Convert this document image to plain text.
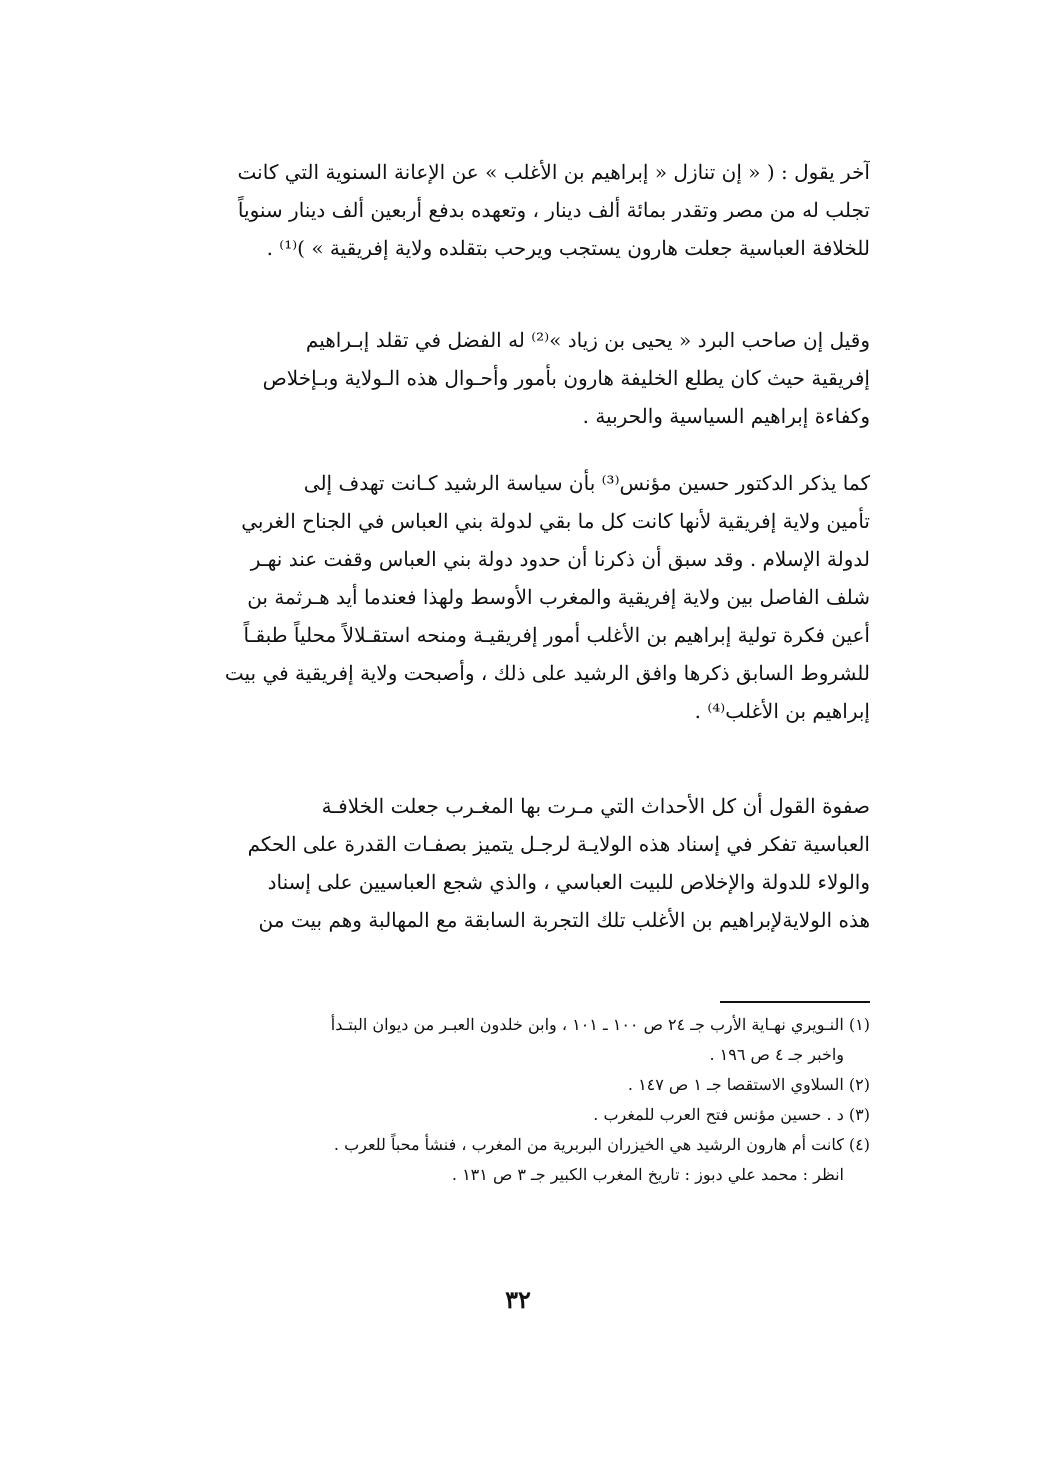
آخر يقول : ( « إن تنازل « إبراهيم بن الأغلب » عن الإعانة السنوية التي كانت
تجلب له من مصر وتقدر بمائة ألف دينار ، وتعهده بدفع أربعين ألف دينار سنوياً
للخلافة العباسية جعلت هارون يستجب ويرحب بتقلده ولاية إفريقية » )⁽¹⁾ .

وقيل إن صاحب البرد « يحيى بن زياد »⁽²⁾ له الفضل في تقلد إبـراهيم
إفريقية حيث كان يطلع الخليفة هارون بأمور وأحـوال هذه الـولاية وبـإخلاص
وكفاءة إبراهيم السياسية والحربية .

كما يذكر الدكتور حسين مؤنس⁽³⁾ بأن سياسة الرشيد كـانت تهدف إلى
تأمين ولاية إفريقية لأنها كانت كل ما بقي لدولة بني العباس في الجناح الغربي
لدولة الإسلام . وقد سبق أن ذكرنا أن حدود دولة بني العباس وقفت عند نهـر
شلف الفاصل بين ولاية إفريقية والمغرب الأوسط ولهذا فعندما أيد هـرثمة بن
أعين فكرة تولية إبراهيم بن الأغلب أمور إفريقيـة ومنحه استقـلالاً محلياً طبقـاً
للشروط السابق ذكرها وافق الرشيد على ذلك ، وأصبحت ولاية إفريقية في بيت
إبراهيم بن الأغلب⁽⁴⁾ .

صفوة القول أن كل الأحداث التي مـرت بها المغـرب جعلت الخلافـة
العباسية تفكر في إسناد هذه الولايـة لرجـل يتميز بصفـات القدرة على الحكم
والولاء للدولة والإخلاص للبيت العباسي ، والذي شجع العباسيين على إسناد
هذه الولايةلإبراهيم بن الأغلب تلك التجربة السابقة مع المهالبة وهم بيت من

(١) النـويري نهـاية الأرب جـ ٢٤ ص ١٠٠ ـ ١٠١ ، وابن خلدون العبـر من ديوان البتـدأ
واخبر جـ ٤ ص ١٩٦ .
(٢) السلاوي الاستقصا جـ ١ ص ١٤٧ .
(٣) د . حسين مؤنس فتح العرب للمغرب .
(٤) كانت أم هارون الرشيد هي الخيزران البربرية من المغرب ، فنشأ محباً للعرب .
انظر : محمد علي دبوز : تاريخ المغرب الكبير جـ ٣ ص ١٣١ .
٣٢
